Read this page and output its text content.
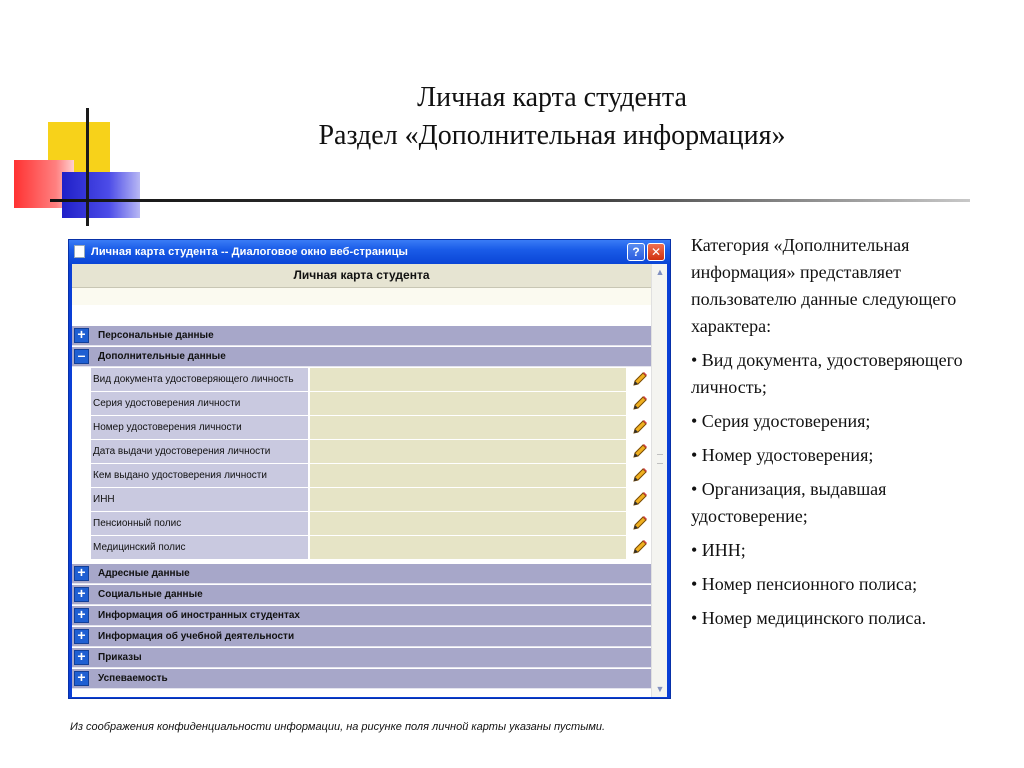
Личная карта студента
Раздел «Дополнительная информация»
Личная карта студента -- Диалоговое окно веб-страницы	? ✕
Личная карта студента
+	Персональные данные
–	Дополнительные данные
Вид документа удостоверяющего личность
Серия удостоверения личности
Номер удостоверения личности
Дата выдачи удостоверения личности
Кем выдано удостоверения личности
ИНН
Пенсионный полис
Медицинский полис
+	Адресные данные
+	Социальные данные
+	Информация об иностранных студентах
+	Информация об учебной деятельности
+	Приказы
+	Успеваемость
▲
▼

Категория «Дополнительная информация» представляет пользователю данные следующего характера:

• Вид документа, удостоверяющего личность;

• Серия удостоверения;

• Номер удостоверения;

• Организация, выдавшая удостоверение;

• ИНН;

• Номер пенсионного полиса;

• Номер медицинского полиса.

Из соображения конфиденциальности информации, на рисунке поля личной карты указаны пустыми.
